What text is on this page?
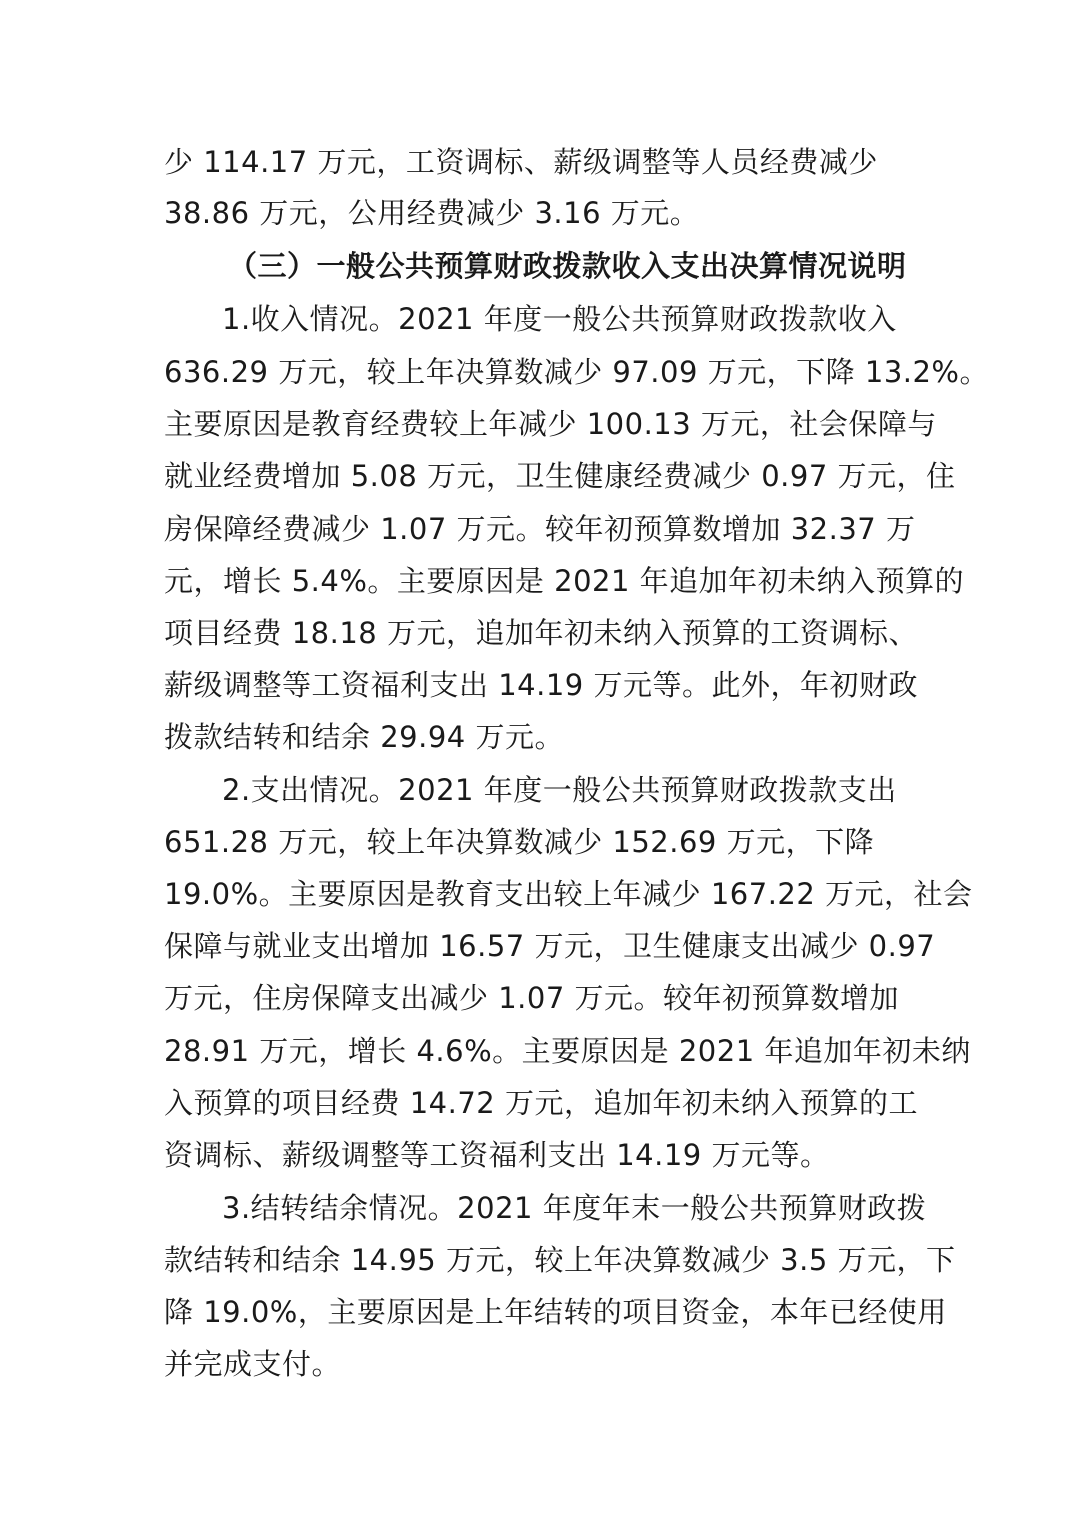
少 114.17 万元，工资调标、薪级调整等人员经费减少
38.86 万元，公用经费减少 3.16 万元。
（三）一般公共预算财政拨款收入支出决算情况说明
1.收入情况。2021 年度一般公共预算财政拨款收入
636.29 万元，较上年决算数减少 97.09 万元，下降 13.2%。
主要原因是教育经费较上年减少 100.13 万元，社会保障与
就业经费增加 5.08 万元，卫生健康经费减少 0.97 万元，住
房保障经费减少 1.07 万元。较年初预算数增加 32.37 万
元，增长 5.4%。主要原因是 2021 年追加年初未纳入预算的
项目经费 18.18 万元，追加年初未纳入预算的工资调标、
薪级调整等工资福利支出 14.19 万元等。此外，年初财政
拨款结转和结余 29.94 万元。
2.支出情况。2021 年度一般公共预算财政拨款支出
651.28 万元，较上年决算数减少 152.69 万元，下降
19.0%。主要原因是教育支出较上年减少 167.22 万元，社会
保障与就业支出增加 16.57 万元，卫生健康支出减少 0.97
万元，住房保障支出减少 1.07 万元。较年初预算数增加
28.91 万元，增长 4.6%。主要原因是 2021 年追加年初未纳
入预算的项目经费 14.72 万元，追加年初未纳入预算的工
资调标、薪级调整等工资福利支出 14.19 万元等。
3.结转结余情况。2021 年度年末一般公共预算财政拨
款结转和结余 14.95 万元，较上年决算数减少 3.5 万元，下
降 19.0%，主要原因是上年结转的项目资金，本年已经使用
并完成支付。
